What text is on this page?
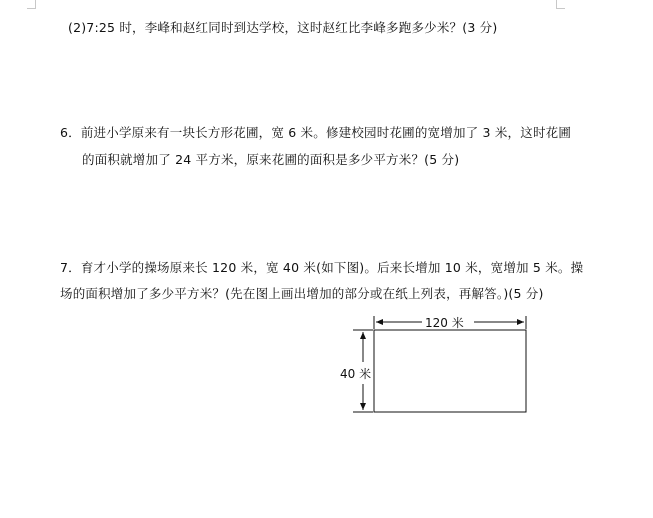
(2)7:25 时，李峰和赵红同时到达学校，这时赵红比李峰多跑多少米？(3 分)
6．前进小学原来有一块长方形花圃，宽 6 米。修建校园时花圃的宽增加了 3 米，这时花圃
的面积就增加了 24 平方米，原来花圃的面积是多少平方米？(5 分)
7．育才小学的操场原来长 120 米，宽 40 米(如下图)。后来长增加 10 米，宽增加 5 米。操
场的面积增加了多少平方米？(先在图上画出增加的部分或在纸上列表，再解答。)(5 分)
120 米
40 米
